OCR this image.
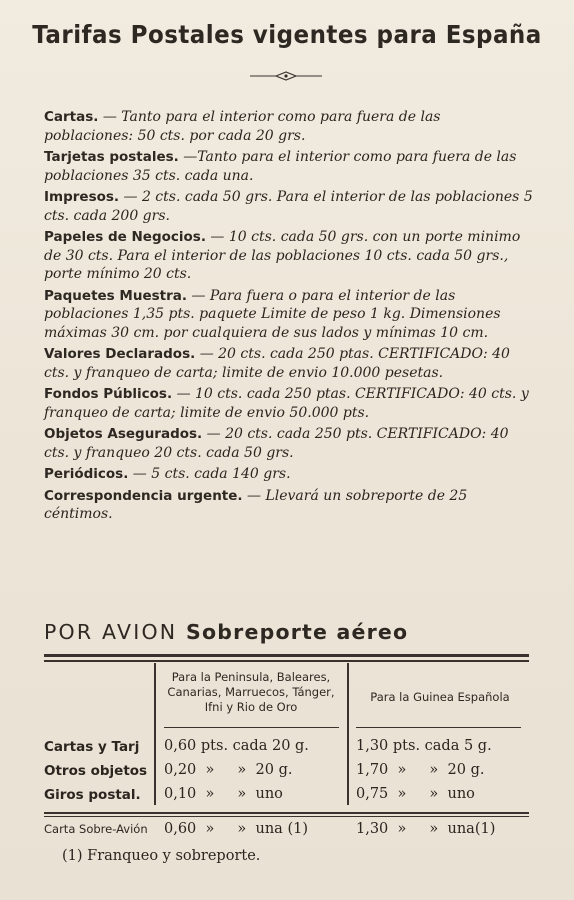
Tarifas Postales vigentes para España
Cartas. — Tanto para el interior como para fuera de las poblaciones: 50 cts. por cada 20 grs.
Tarjetas postales. —Tanto para el interior como para fuera de las poblaciones 35 cts. cada una.
Impresos. — 2 cts. cada 50 grs. Para el interior de las poblaciones 5 cts. cada 200 grs.
Papeles de Negocios. — 10 cts. cada 50 grs. con un porte minimo de 30 cts. Para el interior de las poblaciones 10 cts. cada 50 grs., porte mínimo 20 cts.
Paquetes Muestra. — Para fuera o para el interior de las poblaciones 1,35 pts. paquete Limite de peso 1 kg. Dimensiones máximas 30 cm. por cualquiera de sus lados y mínimas 10 cm.
Valores Declarados. — 20 cts. cada 250 ptas. CERTIFICADO: 40 cts. y franqueo de carta; limite de envio 10.000 pesetas.
Fondos Públicos. — 10 cts. cada 250 ptas. CERTIFICADO: 40 cts. y franqueo de carta; limite de envio 50.000 pts.
Objetos Asegurados. — 20 cts. cada 250 pts. CERTIFICADO: 40 cts. y franqueo 20 cts. cada 50 grs.
Periódicos. — 5 cts. cada 140 grs.
Correspondencia urgente. — Llevará un sobreporte de 25 céntimos.
POR AVION Sobreporte aéreo
Para la Peninsula, Baleares,
Canarias, Marruecos, Tánger,
Ifni y Rio de Oro
Para la Guinea Española
Cartas y Tarj	0,60 pts. cada 20 g.	1,30 pts. cada 5 g.
Otros objetos	0,20  »     »  20 g.	1,70  »     »  20 g.
Giros postal.	0,10  »     »  uno	0,75  »     »  uno
Carta Sobre-Avión 0,60  »     »  una (1)	1,30  »     »  una(1)
(1) Franqueo y sobreporte.
